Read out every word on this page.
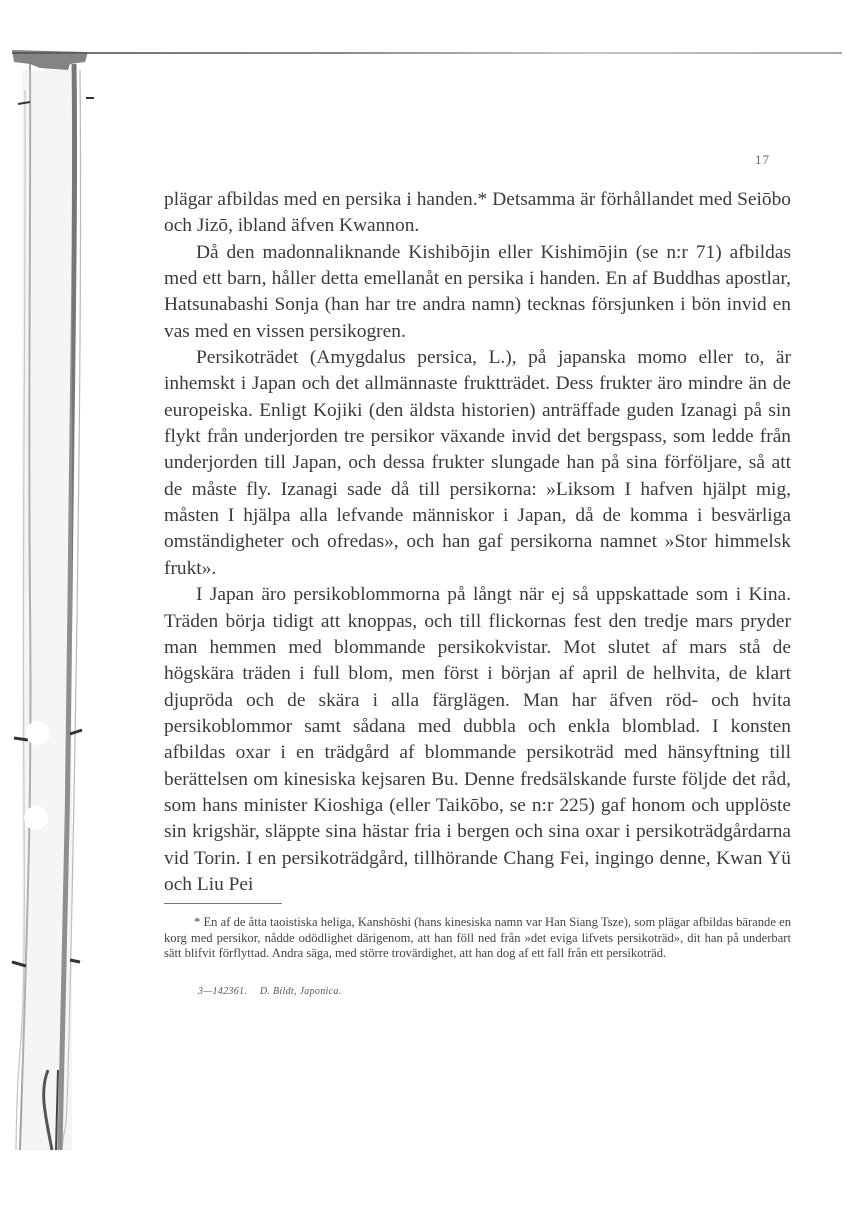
17

plägar afbildas med en persika i handen.* Detsamma är förhållandet med Seiōbo och Jizō, ibland äfven Kwannon.

Då den madonnaliknande Kishibōjin eller Kishimōjin (se n:r 71) afbildas med ett barn, håller detta emellanåt en persika i handen. En af Buddhas apostlar, Hatsunabashi Sonja (han har tre andra namn) tecknas försjunken i bön invid en vas med en vissen persikogren.

Persikoträdet (Amygdalus persica, L.), på japanska momo eller to, är inhemskt i Japan och det allmännaste fruktträdet. Dess frukter äro mindre än de europeiska. Enligt Kojiki (den äldsta historien) anträffade guden Izanagi på sin flykt från underjorden tre persikor växande invid det bergspass, som ledde från underjorden till Japan, och dessa frukter slungade han på sina förföljare, så att de måste fly. Izanagi sade då till persikorna: »Liksom I hafven hjälpt mig, måsten I hjälpa alla lefvande människor i Japan, då de komma i besvärliga omständigheter och ofredas», och han gaf persikorna namnet »Stor himmelsk frukt».

I Japan äro persikoblommorna på långt när ej så uppskattade som i Kina. Träden börja tidigt att knoppas, och till flickornas fest den tredje mars pryder man hemmen med blommande persikokvistar. Mot slutet af mars stå de högskära träden i full blom, men först i början af april de helhvita, de klart djupröda och de skära i alla färglägen. Man har äfven röd- och hvita persikoblommor samt sådana med dubbla och enkla blomblad. I konsten afbildas oxar i en trädgård af blommande persikoträd med hänsyftning till berättelsen om kinesiska kejsaren Bu. Denne fredsälskande furste följde det råd, som hans minister Kioshiga (eller Taikōbo, se n:r 225) gaf honom och upplöste sin krigshär, släppte sina hästar fria i bergen och sina oxar i persikoträdgårdarna vid Torin. I en persikoträdgård, tillhörande Chang Fei, ingingo denne, Kwan Yü och Liu Pei

* En af de åtta taoistiska heliga, Kanshōshi (hans kinesiska namn var Han Siang Tsze), som plägar afbildas bärande en korg med persikor, nådde odödlighet därigenom, att han föll ned från »det eviga lifvets persikoträd», dit han på underbart sätt blifvit förflyttad. Andra säga, med större trovärdighet, att han dog af ett fall från ett persikoträd.

3—142361. D. Bildt, Japonica.
